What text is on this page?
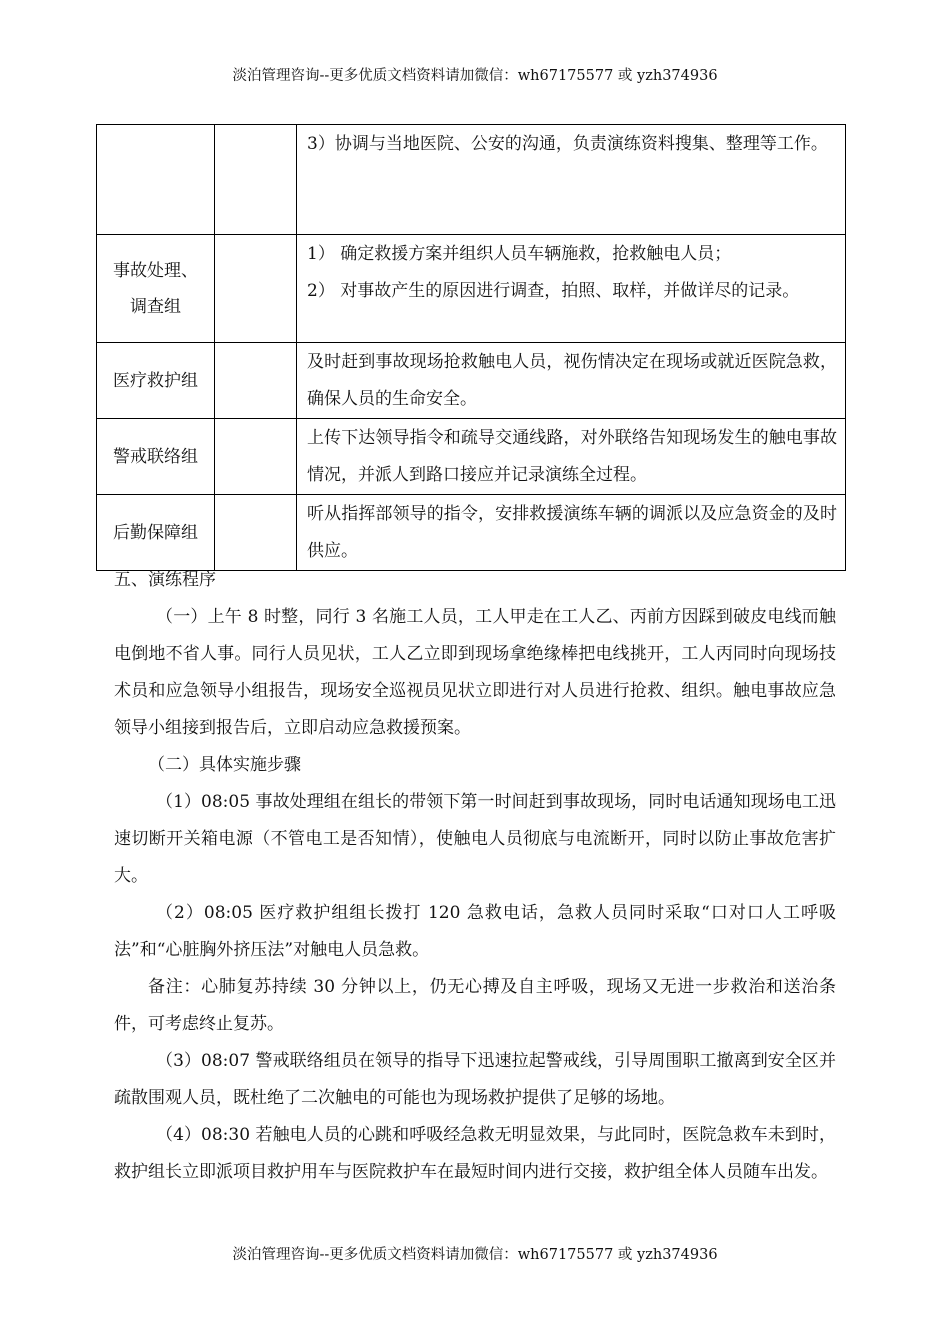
淡泊管理咨询--更多优质文档资料请加微信：wh67175577 或 yzh374936

		3）协调与当地医院、公安的沟通，负责演练资料搜集、整理等工作。

事故处理、调查组		1） 确定救援方案并组织人员车辆施救，抢救触电人员；
2） 对事故产生的原因进行调查，拍照、取样，并做详尽的记录。

医疗救护组		及时赶到事故现场抢救触电人员，视伤情决定在现场或就近医院急救，确保人员的生命安全。

警戒联络组		上传下达领导指令和疏导交通线路，对外联络告知现场发生的触电事故情况，并派人到路口接应并记录演练全过程。

后勤保障组		听从指挥部领导的指令，安排救援演练车辆的调派以及应急资金的及时供应。

五、演练程序

（一）上午 8 时整，同行 3 名施工人员，工人甲走在工人乙、丙前方因踩到破皮电线而触电倒地不省人事。同行人员见状，工人乙立即到现场拿绝缘棒把电线挑开，工人丙同时向现场技术员和应急领导小组报告，现场安全巡视员见状立即进行对人员进行抢救、组织。触电事故应急领导小组接到报告后，立即启动应急救援预案。

（二）具体实施步骤

（1）08:05 事故处理组在组长的带领下第一时间赶到事故现场，同时电话通知现场电工迅速切断开关箱电源（不管电工是否知情），使触电人员彻底与电流断开，同时以防止事故危害扩大。

（2）08:05 医疗救护组组长拨打 120 急救电话，急救人员同时采取“口对口人工呼吸法”和“心脏胸外挤压法”对触电人员急救。

备注：心肺复苏持续 30 分钟以上，仍无心搏及自主呼吸，现场又无进一步救治和送治条件，可考虑终止复苏。

（3）08:07 警戒联络组员在领导的指导下迅速拉起警戒线，引导周围职工撤离到安全区并疏散围观人员，既杜绝了二次触电的可能也为现场救护提供了足够的场地。

（4）08:30 若触电人员的心跳和呼吸经急救无明显效果，与此同时，医院急救车未到时，救护组长立即派项目救护用车与医院救护车在最短时间内进行交接，救护组全体人员随车出发。

淡泊管理咨询--更多优质文档资料请加微信：wh67175577 或 yzh374936
